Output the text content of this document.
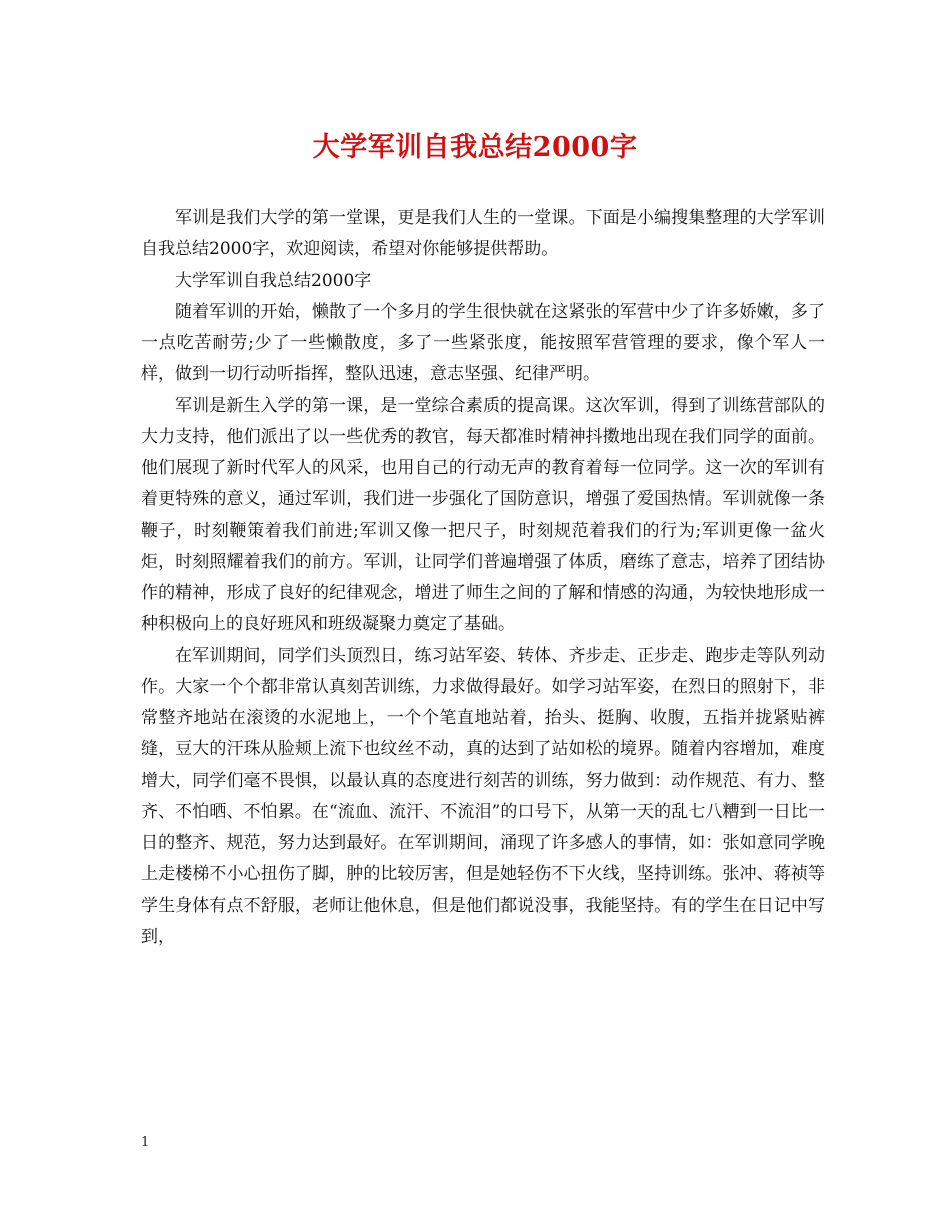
大学军训自我总结2000字

军训是我们大学的第一堂课，更是我们人生的一堂课。下面是小编搜集整理的大学军训自我总结2000字，欢迎阅读，希望对你能够提供帮助。

大学军训自我总结2000字

随着军训的开始，懒散了一个多月的学生很快就在这紧张的军营中少了许多娇嫩，多了一点吃苦耐劳;少了一些懒散度，多了一些紧张度，能按照军营管理的要求，像个军人一样，做到一切行动听指挥，整队迅速，意志坚强、纪律严明。

军训是新生入学的第一课，是一堂综合素质的提高课。这次军训，得到了训练营部队的大力支持，他们派出了以一些优秀的教官，每天都准时精神抖擞地出现在我们同学的面前。他们展现了新时代军人的风采，也用自己的行动无声的教育着每一位同学。这一次的军训有着更特殊的意义，通过军训，我们进一步强化了国防意识，增强了爱国热情。军训就像一条鞭子，时刻鞭策着我们前进;军训又像一把尺子，时刻规范着我们的行为;军训更像一盆火炬，时刻照耀着我们的前方。军训，让同学们普遍增强了体质，磨练了意志，培养了团结协作的精神，形成了良好的纪律观念，增进了师生之间的了解和情感的沟通，为较快地形成一种积极向上的良好班风和班级凝聚力奠定了基础。

在军训期间，同学们头顶烈日，练习站军姿、转体、齐步走、正步走、跑步走等队列动作。大家一个个都非常认真刻苦训练，力求做得最好。如学习站军姿，在烈日的照射下，非常整齐地站在滚烫的水泥地上，一个个笔直地站着，抬头、挺胸、收腹，五指并拢紧贴裤缝，豆大的汗珠从脸颊上流下也纹丝不动，真的达到了站如松的境界。随着内容增加，难度增大，同学们毫不畏惧，以最认真的态度进行刻苦的训练，努力做到：动作规范、有力、整齐、不怕晒、不怕累。在“流血、流汗、不流泪”的口号下，从第一天的乱七八糟到一日比一日的整齐、规范，努力达到最好。在军训期间，涌现了许多感人的事情，如：张如意同学晚上走楼梯不小心扭伤了脚，肿的比较厉害，但是她轻伤不下火线，坚持训练。张冲、蒋祯等学生身体有点不舒服，老师让他休息，但是他们都说没事，我能坚持。有的学生在日记中写到，

1
